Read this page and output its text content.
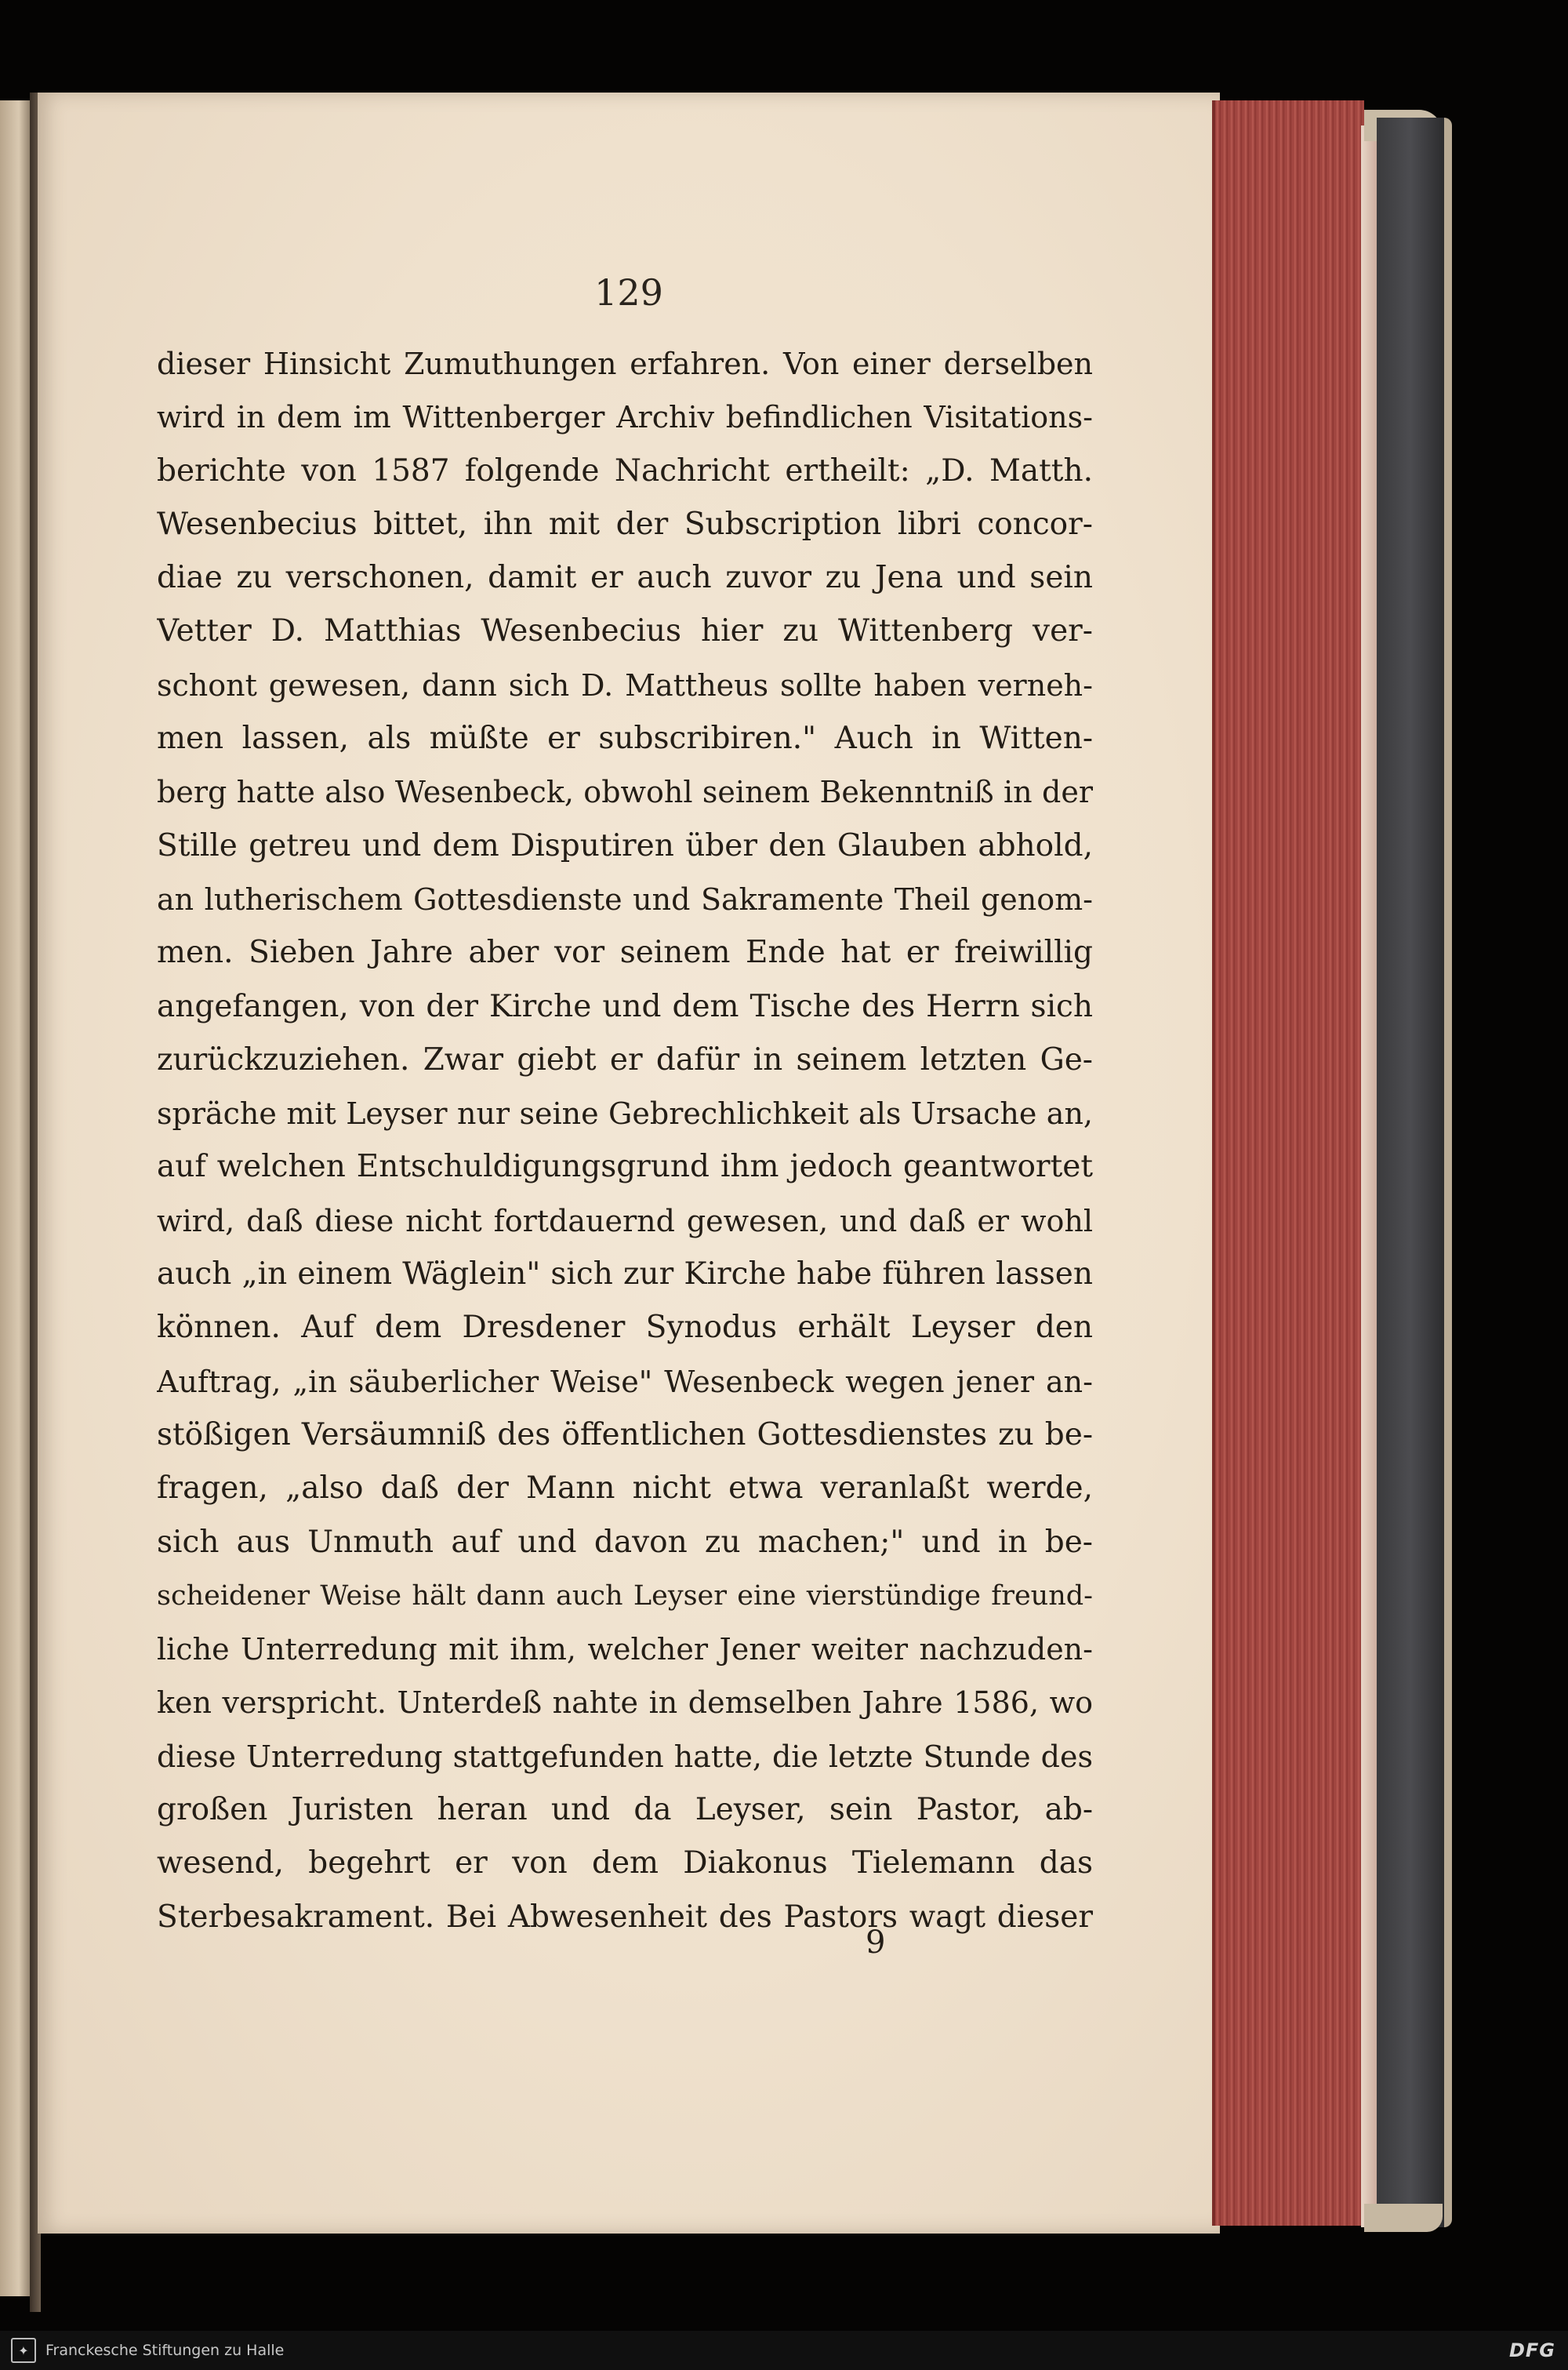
129

dieser Hinsicht Zumuthungen erfahren. Von einer derselben
wird in dem im Wittenberger Archiv befindlichen Visitations-
berichte von 1587 folgende Nachricht ertheilt: „D. Matth.
Wesenbecius bittet, ihn mit der Subscription libri concor-
diae zu verschonen, damit er auch zuvor zu Jena und sein
Vetter D. Matthias Wesenbecius hier zu Wittenberg ver-
schont gewesen, dann sich D. Mattheus sollte haben verneh-
men lassen, als müßte er subscribiren." Auch in Witten-
berg hatte also Wesenbeck, obwohl seinem Bekenntniß in der
Stille getreu und dem Disputiren über den Glauben abhold,
an lutherischem Gottesdienste und Sakramente Theil genom-
men. Sieben Jahre aber vor seinem Ende hat er freiwillig
angefangen, von der Kirche und dem Tische des Herrn sich
zurückzuziehen. Zwar giebt er dafür in seinem letzten Ge-
spräche mit Leyser nur seine Gebrechlichkeit als Ursache an,
auf welchen Entschuldigungsgrund ihm jedoch geantwortet
wird, daß diese nicht fortdauernd gewesen, und daß er wohl
auch „in einem Wäglein" sich zur Kirche habe führen lassen
können. Auf dem Dresdener Synodus erhält Leyser den
Auftrag, „in säuberlicher Weise" Wesenbeck wegen jener an-
stößigen Versäumniß des öffentlichen Gottesdienstes zu be-
fragen, „also daß der Mann nicht etwa veranlaßt werde,
sich aus Unmuth auf und davon zu machen;" und in be-
scheidener Weise hält dann auch Leyser eine vierstündige freund-
liche Unterredung mit ihm, welcher Jener weiter nachzuden-
ken verspricht. Unterdeß nahte in demselben Jahre 1586, wo
diese Unterredung stattgefunden hatte, die letzte Stunde des
großen Juristen heran und da Leyser, sein Pastor, ab-
wesend, begehrt er von dem Diakonus Tielemann das
Sterbesakrament. Bei Abwesenheit des Pastors wagt dieser
9
✦	Franckesche Stiftungen zu Halle	DFG
